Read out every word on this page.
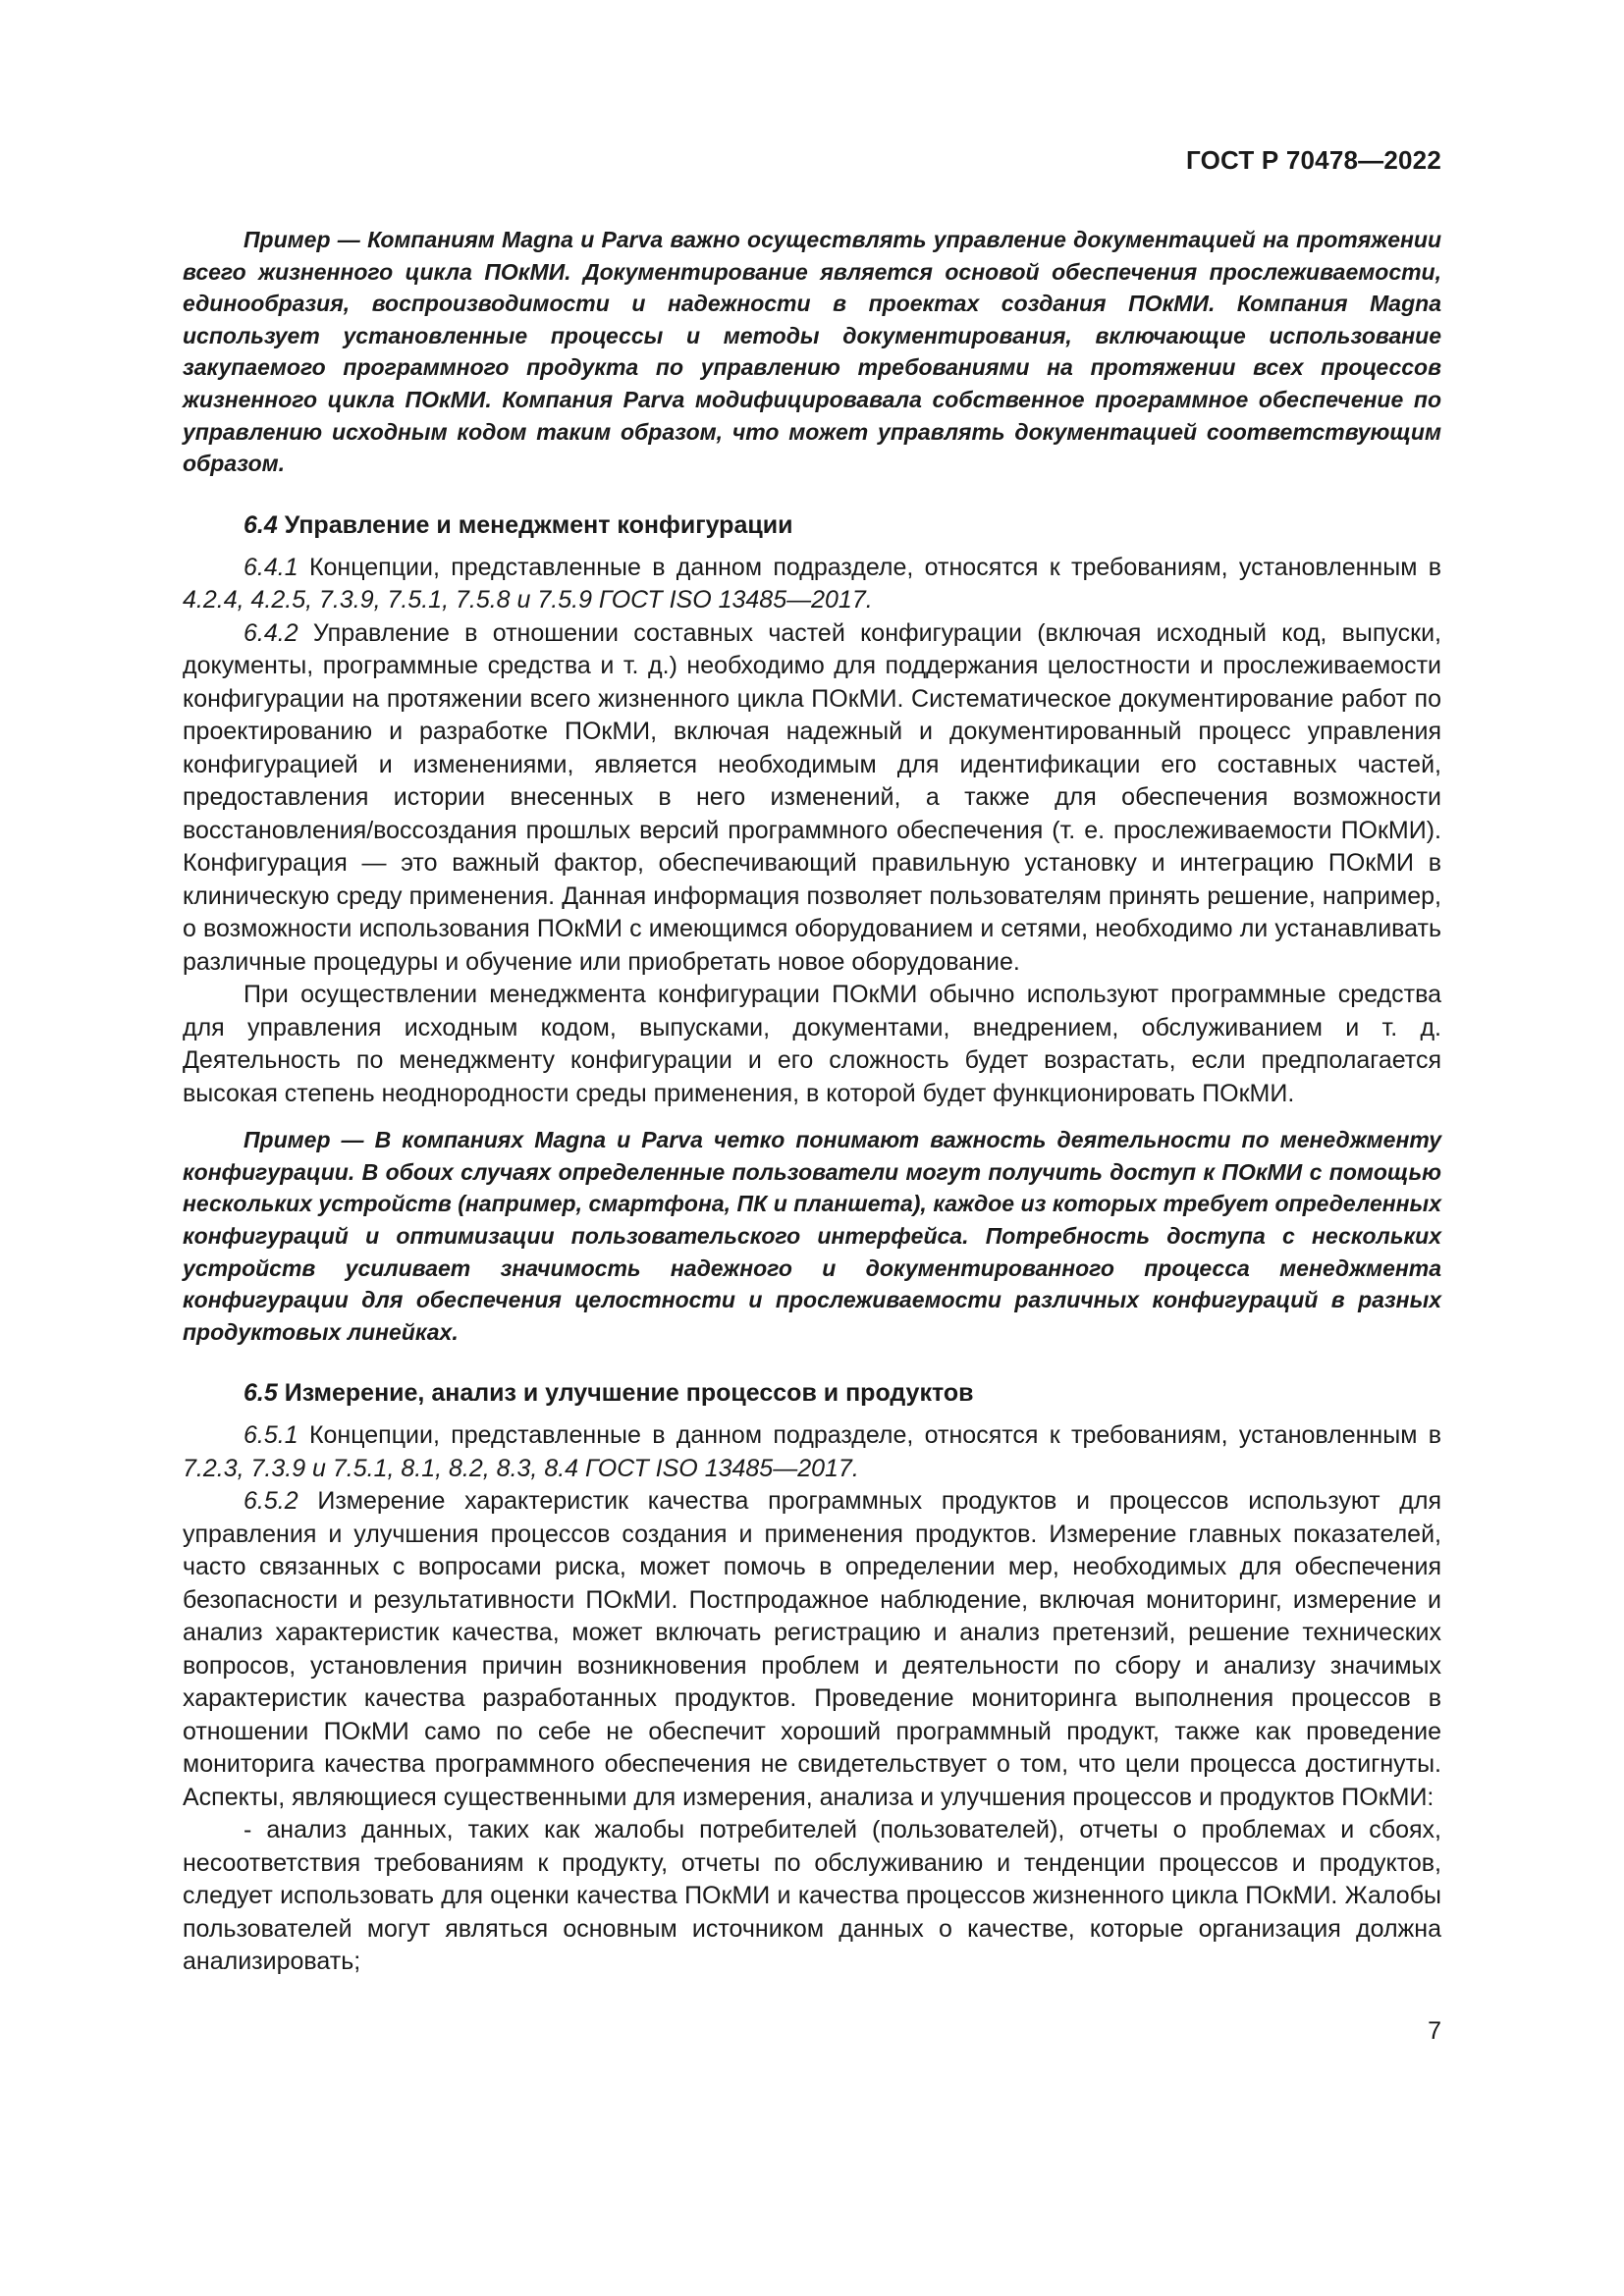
ГОСТ Р 70478—2022

Пример — Компаниям Magna и Parva важно осуществлять управление документацией на протяжении всего жизненного цикла ПОкМИ. Документирование является основой обеспечения прослеживаемости, единообразия, воспроизводимости и надежности в проектах создания ПОкМИ. Компания Magna использует установленные процессы и методы документирования, включающие использование закупаемого программного продукта по управлению требованиями на протяжении всех процессов жизненного цикла ПОкМИ. Компания Parva модифицировавала собственное программное обеспечение по управлению исходным кодом таким образом, что может управлять документацией соответствующим образом.

6.4 Управление и менеджмент конфигурации

6.4.1 Концепции, представленные в данном подразделе, относятся к требованиям, установленным в 4.2.4, 4.2.5, 7.3.9, 7.5.1, 7.5.8 и 7.5.9 ГОСТ ISO 13485—2017.

6.4.2 Управление в отношении составных частей конфигурации (включая исходный код, выпуски, документы, программные средства и т. д.) необходимо для поддержания целостности и прослеживаемости конфигурации на протяжении всего жизненного цикла ПОкМИ. Систематическое документирование работ по проектированию и разработке ПОкМИ, включая надежный и документированный процесс управления конфигурацией и изменениями, является необходимым для идентификации его составных частей, предоставления истории внесенных в него изменений, а также для обеспечения возможности восстановления/воссоздания прошлых версий программного обеспечения (т. е. прослеживаемости ПОкМИ). Конфигурация — это важный фактор, обеспечивающий правильную установку и интеграцию ПОкМИ в клиническую среду применения. Данная информация позволяет пользователям принять решение, например, о возможности использования ПОкМИ с имеющимся оборудованием и сетями, необходимо ли устанавливать различные процедуры и обучение или приобретать новое оборудование.

При осуществлении менеджмента конфигурации ПОкМИ обычно используют программные средства для управления исходным кодом, выпусками, документами, внедрением, обслуживанием и т. д. Деятельность по менеджменту конфигурации и его сложность будет возрастать, если предполагается высокая степень неоднородности среды применения, в которой будет функционировать ПОкМИ.

Пример — В компаниях Magna и Parva четко понимают важность деятельности по менеджменту конфигурации. В обоих случаях определенные пользователи могут получить доступ к ПОкМИ с помощью нескольких устройств (например, смартфона, ПК и планшета), каждое из которых требует определенных конфигураций и оптимизации пользовательского интерфейса. Потребность доступа с нескольких устройств усиливает значимость надежного и документированного процесса менеджмента конфигурации для обеспечения целостности и прослеживаемости различных конфигураций в разных продуктовых линейках.

6.5 Измерение, анализ и улучшение процессов и продуктов

6.5.1 Концепции, представленные в данном подразделе, относятся к требованиям, установленным в 7.2.3, 7.3.9 и 7.5.1, 8.1, 8.2, 8.3, 8.4 ГОСТ ISO 13485—2017.

6.5.2 Измерение характеристик качества программных продуктов и процессов используют для управления и улучшения процессов создания и применения продуктов. Измерение главных показателей, часто связанных с вопросами риска, может помочь в определении мер, необходимых для обеспечения безопасности и результативности ПОкМИ. Постпродажное наблюдение, включая мониторинг, измерение и анализ характеристик качества, может включать регистрацию и анализ претензий, решение технических вопросов, установления причин возникновения проблем и деятельности по сбору и анализу значимых характеристик качества разработанных продуктов. Проведение мониторинга выполнения процессов в отношении ПОкМИ само по себе не обеспечит хороший программный продукт, также как проведение мониторига качества программного обеспечения не свидетельствует о том, что цели процесса достигнуты. Аспекты, являющиеся существенными для измерения, анализа и улучшения процессов и продуктов ПОкМИ:

- анализ данных, таких как жалобы потребителей (пользователей), отчеты о проблемах и сбоях, несоответствия требованиям к продукту, отчеты по обслуживанию и тенденции процессов и продуктов, следует использовать для оценки качества ПОкМИ и качества процессов жизненного цикла ПОкМИ. Жалобы пользователей могут являться основным источником данных о качестве, которые организация должна анализировать;

7
